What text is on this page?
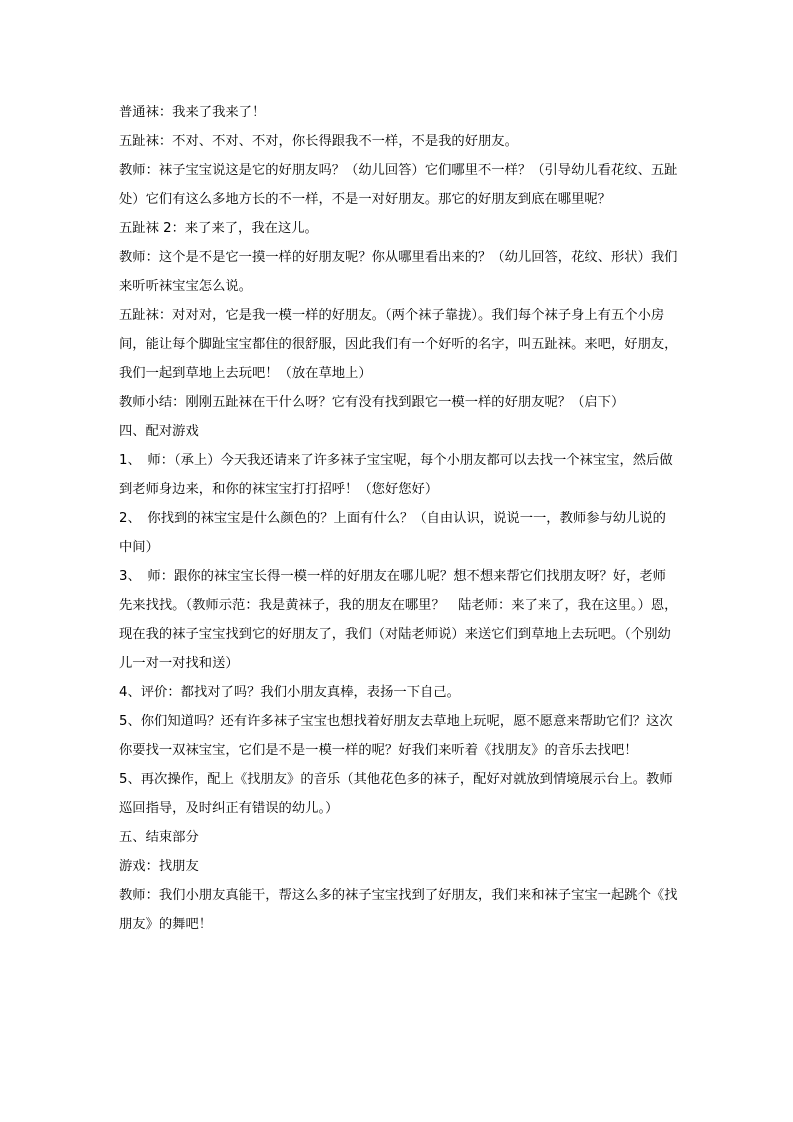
普通袜：我来了我来了！

五趾袜：不对、不对、不对，你长得跟我不一样，不是我的好朋友。

教师：袜子宝宝说这是它的好朋友吗？（幼儿回答）它们哪里不一样？（引导幼儿看花纹、五趾处）它们有这么多地方长的不一样，不是一对好朋友。那它的好朋友到底在哪里呢？

五趾袜 2：来了来了，我在这儿。

教师：这个是不是它一摸一样的好朋友呢？你从哪里看出来的？（幼儿回答，花纹、形状）我们来听听袜宝宝怎么说。

五趾袜：对对对，它是我一模一样的好朋友。（两个袜子靠拢）。我们每个袜子身上有五个小房间，能让每个脚趾宝宝都住的很舒服，因此我们有一个好听的名字，叫五趾袜。来吧，好朋友，我们一起到草地上去玩吧！（放在草地上）

教师小结：刚刚五趾袜在干什么呀？它有没有找到跟它一模一样的好朋友呢？（启下）

四、配对游戏

1、　师：（承上）今天我还请来了许多袜子宝宝呢，每个小朋友都可以去找一个袜宝宝，然后做到老师身边来，和你的袜宝宝打打招呼！（您好您好）

2、　你找到的袜宝宝是什么颜色的？上面有什么？（自由认识，说说一一，教师参与幼儿说的中间）

3、　师：跟你的袜宝宝长得一模一样的好朋友在哪儿呢？想不想来帮它们找朋友呀？好，老师先来找找。（教师示范：我是黄袜子，我的朋友在哪里？　陆老师：来了来了，我在这里。）恩，现在我的袜子宝宝找到它的好朋友了，我们（对陆老师说）来送它们到草地上去玩吧。（个别幼儿一对一对找和送）

4、评价：都找对了吗？我们小朋友真棒，表扬一下自己。

5、你们知道吗？还有许多袜子宝宝也想找着好朋友去草地上玩呢，愿不愿意来帮助它们？这次你要找一双袜宝宝，它们是不是一模一样的呢？好我们来听着《找朋友》的音乐去找吧！

5、再次操作，配上《找朋友》的音乐（其他花色多的袜子，配好对就放到情境展示台上。教师巡回指导，及时纠正有错误的幼儿。）

五、结束部分

游戏：找朋友

教师：我们小朋友真能干，帮这么多的袜子宝宝找到了好朋友，我们来和袜子宝宝一起跳个《找朋友》的舞吧！
